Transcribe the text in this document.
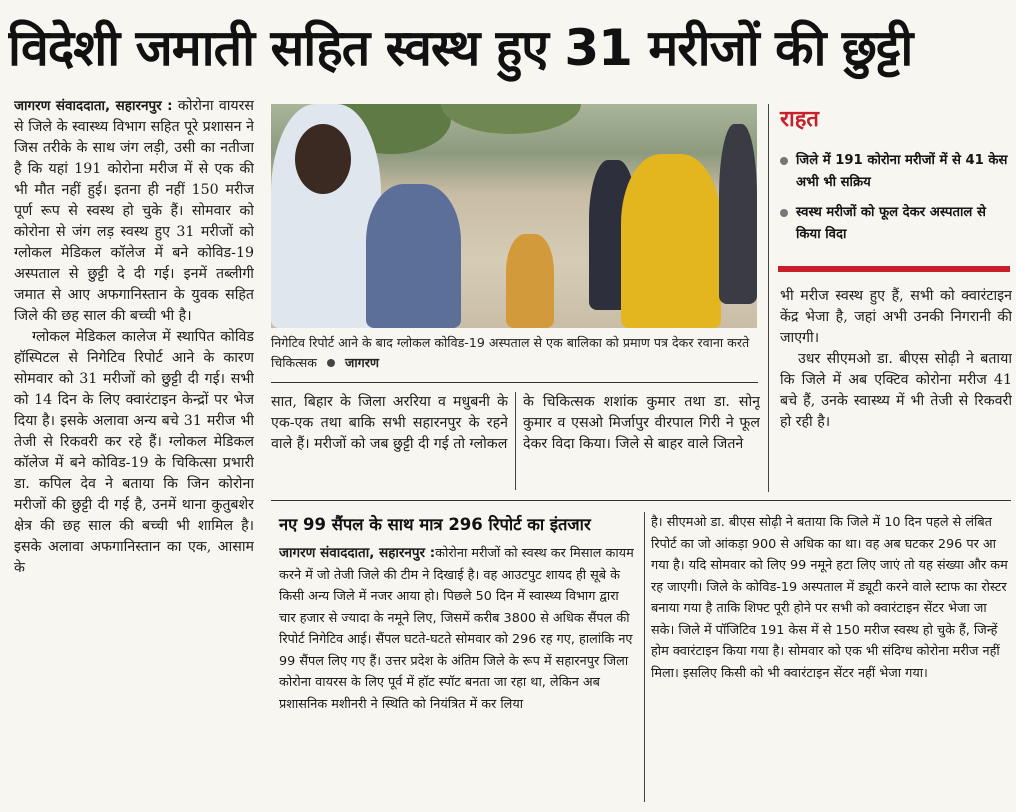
विदेशी जमाती सहित स्वस्थ हुए 31 मरीजों की छुट्टी

जागरण संवाददाता, सहारनपुर : कोरोना वायरस से जिले के स्वास्थ्य विभाग सहित पूरे प्रशासन ने जिस तरीके के साथ जंग लड़ी, उसी का नतीजा है कि यहां 191 कोरोना मरीज में से एक की भी मौत नहीं हुई। इतना ही नहीं 150 मरीज पूर्ण रूप से स्वस्थ हो चुके हैं। सोमवार को कोरोना से जंग लड़ स्वस्थ हुए 31 मरीजों को ग्लोकल मेडिकल कॉलेज में बने कोविड-19 अस्पताल से छुट्टी दे दी गई। इनमें तब्लीगी जमात से आए अफगानिस्तान के युवक सहित जिले की छह साल की बच्ची भी है।

ग्लोकल मेडिकल कालेज में स्थापित कोविड हॉस्पिटल से निगेटिव रिपोर्ट आने के कारण सोमवार को 31 मरीजों को छुट्टी दी गई। सभी को 14 दिन के लिए क्वारंटाइन केन्द्रों पर भेज दिया है। इसके अलावा अन्य बचे 31 मरीज भी तेजी से रिकवरी कर रहे हैं। ग्लोकल मेडिकल कॉलेज में बने कोविड-19 के चिकित्सा प्रभारी डा. कपिल देव ने बताया कि जिन कोरोना मरीजों की छुट्टी दी गई है, उनमें थाना कुतुबशेर क्षेत्र की छह साल की बच्ची भी शामिल है। इसके अलावा अफगानिस्तान का एक, आसाम के

निगेटिव रिपोर्ट आने के बाद ग्लोकल कोविड-19 अस्पताल से एक बालिका को प्रमाण पत्र देकर रवाना करते चिकित्सक जागरण

सात, बिहार के जिला अररिया व मधुबनी के एक-एक तथा बाकि सभी सहारनपुर के रहने वाले हैं। मरीजों को जब छुट्टी दी गई तो ग्लोकल

के चिकित्सक शशांक कुमार तथा डा. सोनू कुमार व एसओ मिर्जापुर वीरपाल गिरी ने फूल देकर विदा किया। जिले से बाहर वाले जितने

नए 99 सैंपल के साथ मात्र 296 रिपोर्ट का इंतजार
जागरण संवाददाता, सहारनपुर :कोरोना मरीजों को स्वस्थ कर मिसाल कायम करने में जो तेजी जिले की टीम ने दिखाई है। वह आउटपुट शायद ही सूबे के किसी अन्य जिले में नजर आया हो। पिछले 50 दिन में स्वास्थ्य विभाग द्वारा चार हजार से ज्यादा के नमूने लिए, जिसमें करीब 3800 से अधिक सैंपल की रिपोर्ट निगेटिव आई। सैंपल घटते-घटते सोमवार को 296 रह गए, हालांकि नए 99 सैंपल लिए गए हैं। उत्तर प्रदेश के अंतिम जिले के रूप में सहारनपुर जिला कोरोना वायरस के लिए पूर्व में हॉट स्पॉट बनता जा रहा था, लेकिन अब प्रशासनिक मशीनरी ने स्थिति को नियंत्रित में कर लिया
है। सीएमओ डा. बीएस सोढ़ी ने बताया कि जिले में 10 दिन पहले से लंबित रिपोर्ट का जो आंकड़ा 900 से अधिक का था। वह अब घटकर 296 पर आ गया है। यदि सोमवार को लिए 99 नमूने हटा लिए जाएं तो यह संख्या और कम रह जाएगी। जिले के कोविड-19 अस्पताल में ड्यूटी करने वाले स्टाफ का रोस्टर बनाया गया है ताकि शिफ्ट पूरी होने पर सभी को क्वारंटाइन सेंटर भेजा जा सके। जिले में पॉजिटिव 191 केस में से 150 मरीज स्वस्थ हो चुके हैं, जिन्हें होम क्वारंटाइन किया गया है। सोमवार को एक भी संदिग्ध कोरोना मरीज नहीं मिला। इसलिए किसी को भी क्वारंटाइन सेंटर नहीं भेजा गया।
राहत
जिले में 191 कोरोना मरीजों में से 41 केस अभी भी सक्रिय
स्वस्थ मरीजों को फूल देकर अस्पताल से किया विदा

भी मरीज स्वस्थ हुए हैं, सभी को क्वारंटाइन केंद्र भेजा है, जहां अभी उनकी निगरानी की जाएगी।

उधर सीएमओ डा. बीएस सोढ़ी ने बताया कि जिले में अब एक्टिव कोरोना मरीज 41 बचे हैं, उनके स्वास्थ्य में भी तेजी से रिकवरी हो रही है।
